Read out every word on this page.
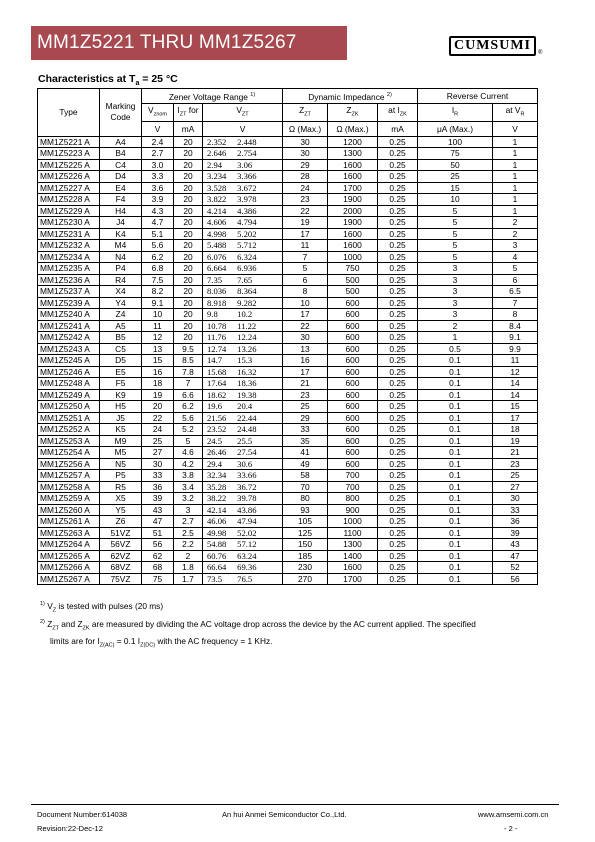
MM1Z5221 THRU MM1Z5267	CUMSUMI	®
Characteristics at $T_a = 25$ °C
Type	Marking Code	Zener Voltage Range $^{1)}$			Dynamic Impedance $^{2)}$			Reverse Current	
		$V_{znom}$	$I_{ZT}$ for	$V_{ZT}$	$Z_{ZT}$	$Z_{ZK}$	at $I_{ZK}$	$I_R$	at $V_R$
		V	mA	V	Ω (Max.)	Ω (Max.)	mA	μA (Max.)	V
MM1Z5221 A	A4	2.4	20	2.352 2.448	30	1200	0.25	100	1
MM1Z5223 A	B4	2.7	20	2.646 2.754	30	1300	0.25	75	1
MM1Z5225 A	C4	3.0	20	2.94 3.06	29	1600	0.25	50	1
MM1Z5226 A	D4	3.3	20	3.234 3.366	28	1600	0.25	25	1
MM1Z5227 A	E4	3.6	20	3.528 3.672	24	1700	0.25	15	1
MM1Z5228 A	F4	3.9	20	3.822 3.978	23	1900	0.25	10	1
MM1Z5229 A	H4	4.3	20	4.214 4.386	22	2000	0.25	5	1
MM1Z5230 A	J4	4.7	20	4.606 4.794	19	1900	0.25	5	2
MM1Z5231 A	K4	5.1	20	4.998 5.202	17	1600	0.25	5	2
MM1Z5232 A	M4	5.6	20	5.488 5.712	11	1600	0.25	5	3
MM1Z5234 A	N4	6.2	20	6.076 6.324	7	1000	0.25	5	4
MM1Z5235 A	P4	6.8	20	6.664 6.936	5	750	0.25	3	5
MM1Z5236 A	R4	7.5	20	7.35 7.65	6	500	0.25	3	6
MM1Z5237 A	X4	8.2	20	8.036 8.364	8	500	0.25	3	6.5
MM1Z5239 A	Y4	9.1	20	8.918 9.282	10	600	0.25	3	7
MM1Z5240 A	Z4	10	20	9.8 10.2	17	600	0.25	3	8
MM1Z5241 A	A5	11	20	10.78 11.22	22	600	0.25	2	8.4
MM1Z5242 A	B5	12	20	11.76 12.24	30	600	0.25	1	9.1
MM1Z5243 A	C5	13	9.5	12.74 13.26	13	600	0.25	0.5	9.9
MM1Z5245 A	D5	15	8.5	14.7 15.3	16	600	0.25	0.1	11
MM1Z5246 A	E5	16	7.8	15.68 16.32	17	600	0.25	0.1	12
MM1Z5248 A	F5	18	7	17.64 18.36	21	600	0.25	0.1	14
MM1Z5249 A	K9	19	6.6	18.62 19.38	23	600	0.25	0.1	14
MM1Z5250 A	H5	20	6.2	19.6 20.4	25	600	0.25	0.1	15
MM1Z5251 A	J5	22	5.6	21.56 22.44	29	600	0.25	0.1	17
MM1Z5252 A	K5	24	5.2	23.52 24.48	33	600	0.25	0.1	18
MM1Z5253 A	M9	25	5	24.5 25.5	35	600	0.25	0.1	19
MM1Z5254 A	M5	27	4.6	26.46 27.54	41	600	0.25	0.1	21
MM1Z5256 A	N5	30	4.2	29.4 30.6	49	600	0.25	0.1	23
MM1Z5257 A	P5	33	3.8	32.34 33.66	58	700	0.25	0.1	25
MM1Z5258 A	R5	36	3.4	35.28 36.72	70	700	0.25	0.1	27
MM1Z5259 A	X5	39	3.2	38.22 39.78	80	800	0.25	0.1	30
MM1Z5260 A	Y5	43	3	42.14 43.86	93	900	0.25	0.1	33
MM1Z5261 A	Z6	47	2.7	46.06 47.94	105	1000	0.25	0.1	36
MM1Z5263 A	51VZ	51	2.5	49.98 52.02	125	1100	0.25	0.1	39
MM1Z5264 A	56VZ	56	2.2	54.88 57.12	150	1300	0.25	0.1	43
MM1Z5265 A	62VZ	62	2	60.76 63.24	185	1400	0.25	0.1	47
MM1Z5266 A	68VZ	68	1.8	66.64 69.36	230	1600	0.25	0.1	52
MM1Z5267 A	75VZ	75	1.7	73.5 76.5	270	1700	0.25	0.1	56

$^{1)}$ $V_Z$ is tested with pulses (20 ms)

$^{2)}$ $Z_{ZT}$ and $Z_{ZK}$ are measured by dividing the AC voltage drop across the device by the AC current applied. The specified

limits are for $I_{Z(AC)} = 0.1$ $I_{Z(DC)}$ with the AC frequency = 1 KHz.

Document Number:614038
Revision:22-Dec-12
An hui Anmei Semiconductor Co.,Ltd.	www.amsemi.com.cn
- 2 -
